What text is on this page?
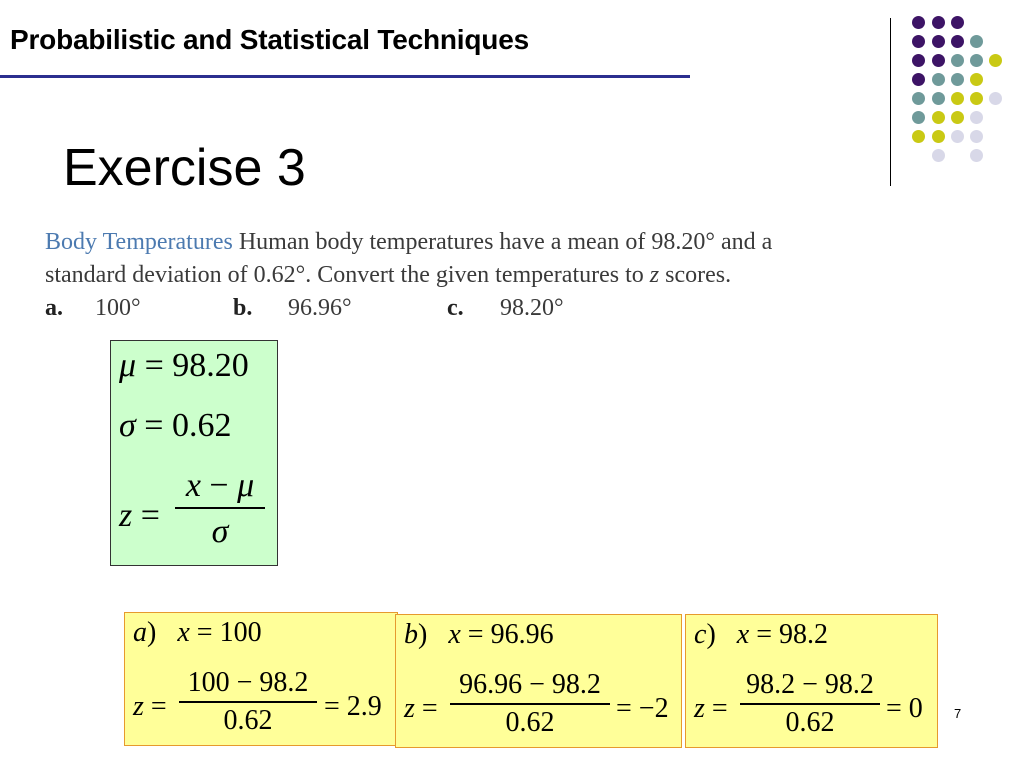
Probabilistic and Statistical Techniques
Exercise 3
Body Temperatures Human body temperatures have a mean of 98.20° and a
standard deviation of 0.62°. Convert the given temperatures to z scores.
a. 100°	b. 96.96°	c. 98.20°
μ = 98.20
σ = 0.62
z =
x − μ
σ
a)   x = 100
z =
100 − 98.2
0.62	= 2.9
b)   x = 96.96
z =
96.96 − 98.2
0.62	= −2
c)   x = 98.2
z =
98.2 − 98.2
0.62	= 0 7
